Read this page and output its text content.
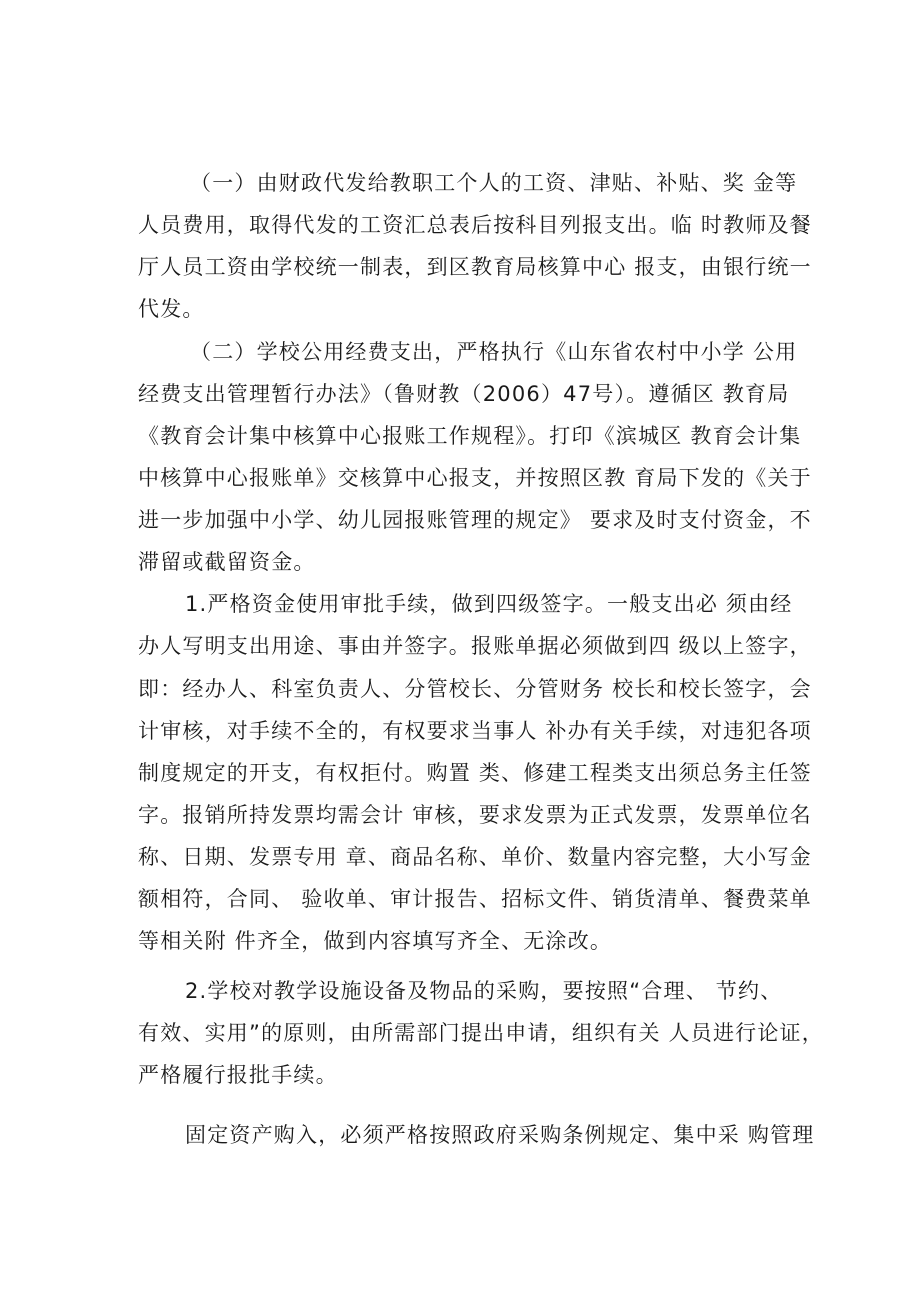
（一）由财政代发给教职工个人的工资、津贴、补贴、奖 金等
人员费用，取得代发的工资汇总表后按科目列报支出。临 时教师及餐
厅人员工资由学校统一制表，到区教育局核算中心 报支，由银行统一
代发。
（二）学校公用经费支出，严格执行《山东省农村中小学 公用
经费支出管理暂行办法》（鲁财教（2006）47号）。遵循区 教育局
《教育会计集中核算中心报账工作规程》。打印《滨城区 教育会计集
中核算中心报账单》交核算中心报支，并按照区教 育局下发的《关于
进一步加强中小学、幼儿园报账管理的规定》 要求及时支付资金，不
滞留或截留资金。
1.严格资金使用审批手续，做到四级签字。一般支出必 须由经
办人写明支出用途、事由并签字。报账单据必须做到四 级以上签字，
即：经办人、科室负责人、分管校长、分管财务 校长和校长签字，会
计审核，对手续不全的，有权要求当事人 补办有关手续，对违犯各项
制度规定的开支，有权拒付。购置 类、修建工程类支出须总务主任签
字。报销所持发票均需会计 审核，要求发票为正式发票，发票单位名
称、日期、发票专用 章、商品名称、单价、数量内容完整，大小写金
额相符，合同、 验收单、审计报告、招标文件、销货清单、餐费菜单
等相关附 件齐全，做到内容填写齐全、无涂改。
2.学校对教学设施设备及物品的采购，要按照“合理、 节约、
有效、实用”的原则，由所需部门提出申请，组织有关 人员进行论证，
严格履行报批手续。
固定资产购入，必须严格按照政府采购条例规定、集中采 购管理
